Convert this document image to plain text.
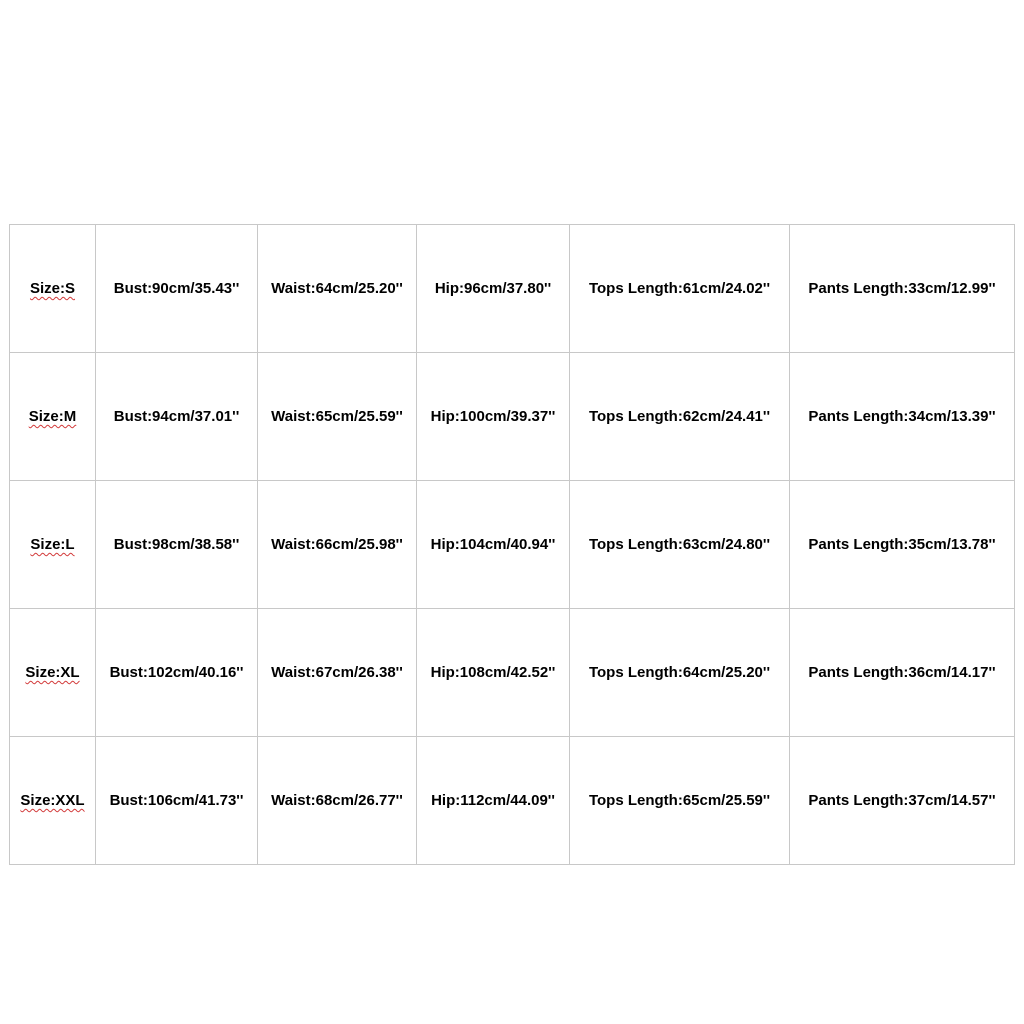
Size:S	Bust:90cm/35.43''	Waist:64cm/25.20''	Hip:96cm/37.80''	Tops Length:61cm/24.02''	Pants Length:33cm/12.99''
Size:M	Bust:94cm/37.01''	Waist:65cm/25.59''	Hip:100cm/39.37''	Tops Length:62cm/24.41''	Pants Length:34cm/13.39''
Size:L	Bust:98cm/38.58''	Waist:66cm/25.98''	Hip:104cm/40.94''	Tops Length:63cm/24.80''	Pants Length:35cm/13.78''
Size:XL	Bust:102cm/40.16''	Waist:67cm/26.38''	Hip:108cm/42.52''	Tops Length:64cm/25.20''	Pants Length:36cm/14.17''
Size:XXL	Bust:106cm/41.73''	Waist:68cm/26.77''	Hip:112cm/44.09''	Tops Length:65cm/25.59''	Pants Length:37cm/14.57''
